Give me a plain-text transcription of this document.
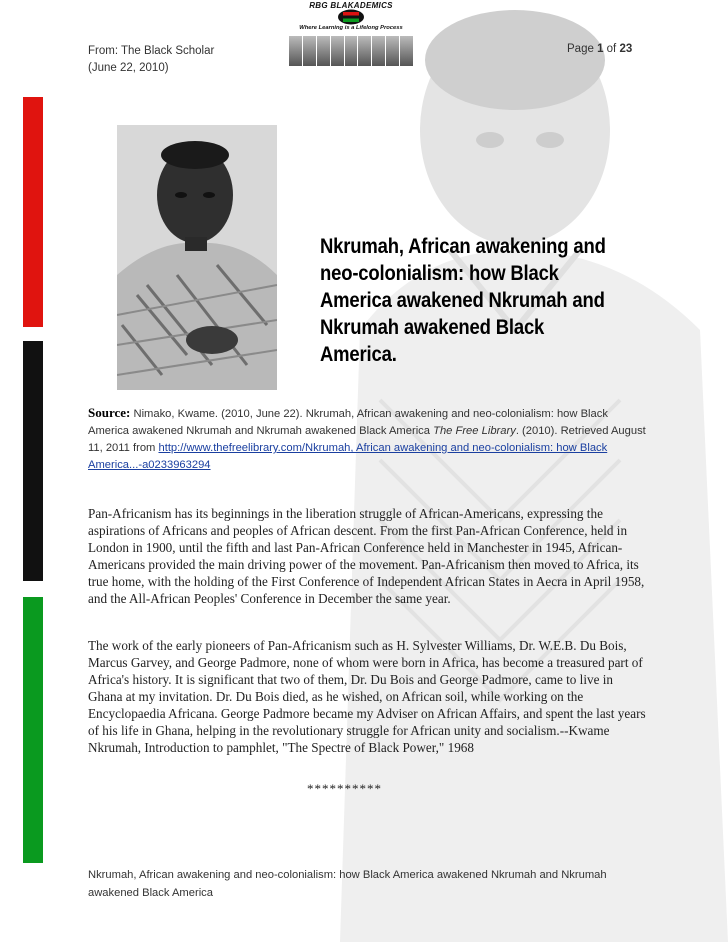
From: The Black Scholar
(June 22, 2010)
Page 1 of 23
RBG BLAKADEMICS
Where Learning is a Lifelong Process
Nkrumah, African awakening and neo-colonialism: how Black America awakened Nkrumah and Nkrumah awakened Black America.
Source: Nimako, Kwame. (2010, June 22). Nkrumah, African awakening and neo-colonialism: how Black America awakened Nkrumah and Nkrumah awakened Black America The Free Library. (2010). Retrieved August 11, 2011 from http://www.thefreelibrary.com/Nkrumah, African awakening and neo-colonialism: how Black America...-a0233963294
Pan-Africanism has its beginnings in the liberation struggle of African-Americans, expressing the aspirations of Africans and peoples of African descent. From the first Pan-African Conference, held in London in 1900, until the fifth and last Pan-African Conference held in Manchester in 1945, African-Americans provided the main driving power of the movement. Pan-Africanism then moved to Africa, its true home, with the holding of the First Conference of Independent African States in Aecra in April 1958, and the All-African Peoples' Conference in December the same year.
The work of the early pioneers of Pan-Africanism such as H. Sylvester Williams, Dr. W.E.B. Du Bois, Marcus Garvey, and George Padmore, none of whom were born in Africa, has become a treasured part of Africa's history. It is significant that two of them, Dr. Du Bois and George Padmore, came to live in Ghana at my invitation. Dr. Du Bois died, as he wished, on African soil, while working on the Encyclopaedia Africana. George Padmore became my Adviser on African Affairs, and spent the last years of his life in Ghana, helping in the revolutionary struggle for African unity and socialism.--Kwame Nkrumah, Introduction to pamphlet, "The Spectre of Black Power," 1968
**********
Nkrumah, African awakening and neo-colonialism: how Black America awakened Nkrumah and Nkrumah awakened Black America
